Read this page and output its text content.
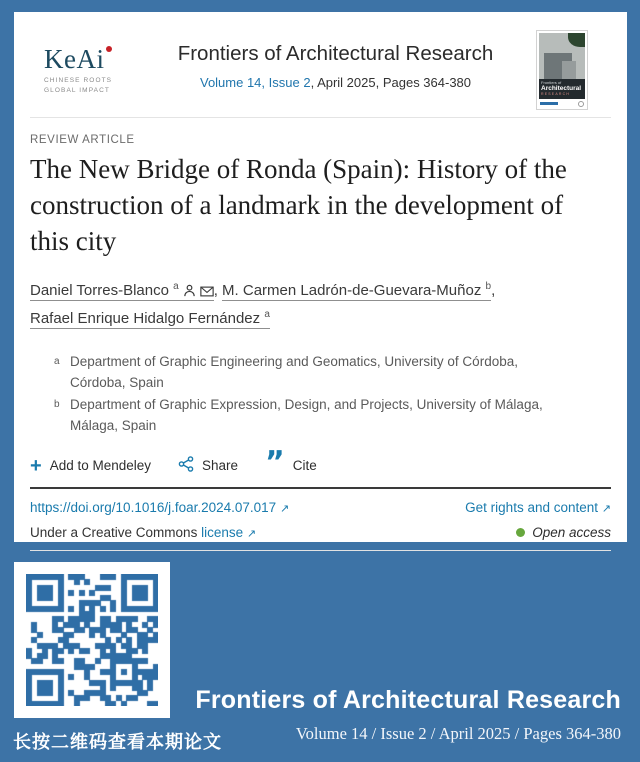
KeAi
CHINESE ROOTS
GLOBAL IMPACT
Frontiers of Architectural Research
Volume 14, Issue 2, April 2025, Pages 364-380	Frontiers of
Architectural
RESEARCH
REVIEW ARTICLE
The New Bridge of Ronda (Spain): History of the construction of a landmark in the development of this city
Daniel Torres-Blanco $^a$ , M. Carmen Ladrón-de-Guevara-Muñoz $^b$,
Rafael Enrique Hidalgo Fernández $^a$
a Department of Graphic Engineering and Geomatics, University of Córdoba, Córdoba, Spain
b Department of Graphic Expression, Design, and Projects, University of Málaga, Málaga, Spain
+ Add to Mendeley	Share ” Cite
https://doi.org/10.1016/j.foar.2024.07.017 ↗	Get rights and content ↗
Under a Creative Commons license ↗	Open access
长按二维码查看本期论文
Frontiers of Architectural Research
Volume 14 / Issue 2 / April 2025 / Pages 364-380
